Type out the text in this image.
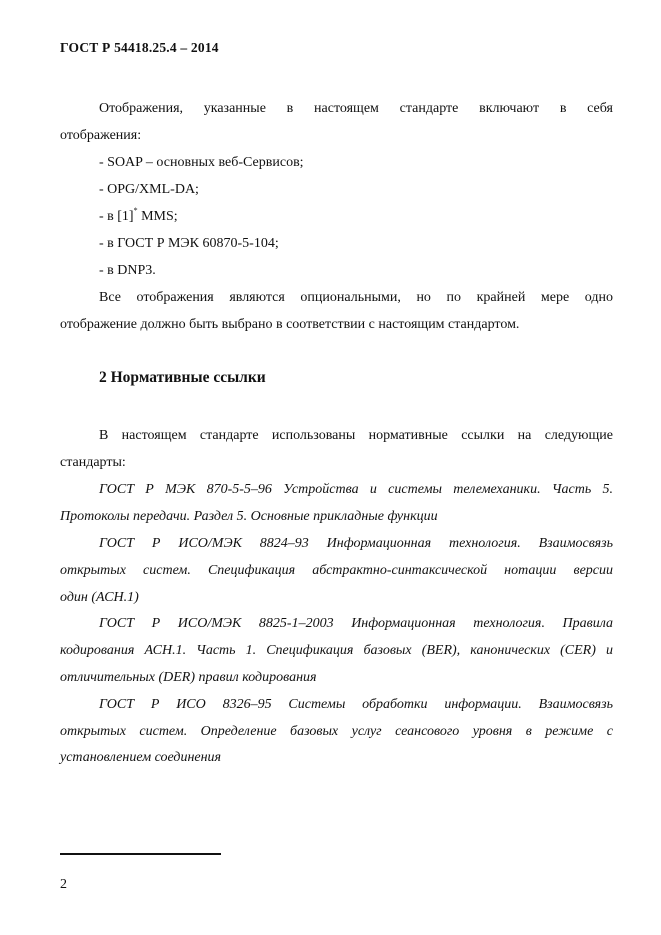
ГОСТ Р 54418.25.4 – 2014
Отображения, указанные в настоящем стандарте включают в себя
отображения:
- SOAP – основных веб-Сервисов;
- OPG/XML-DA;
- в [1]* MMS;
- в ГОСТ Р МЭК 60870-5-104;
- в DNP3.
Все отображения являются опциональными, но по крайней мере одно
отображение должно быть выбрано в соответствии с настоящим стандартом.
2 Нормативные ссылки
В настоящем стандарте использованы нормативные ссылки на следующие
стандарты:
ГОСТ Р МЭК 870-5-5–96 Устройства и системы телемеханики. Часть 5.
Протоколы передачи. Раздел 5. Основные прикладные функции
ГОСТ Р ИСО/МЭК 8824–93 Информационная технология. Взаимосвязь
открытых систем. Спецификация абстрактно-синтаксической нотации версии
один (АСН.1)
ГОСТ Р ИСО/МЭК 8825-1–2003 Информационная технология. Правила
кодирования АСН.1. Часть 1. Спецификация базовых (BER), канонических (CER) и
отличительных (DER) правил кодирования
ГОСТ Р ИСО 8326–95 Системы обработки информации. Взаимосвязь
открытых систем. Определение базовых услуг сеансового уровня в режиме с
установлением соединения
2
